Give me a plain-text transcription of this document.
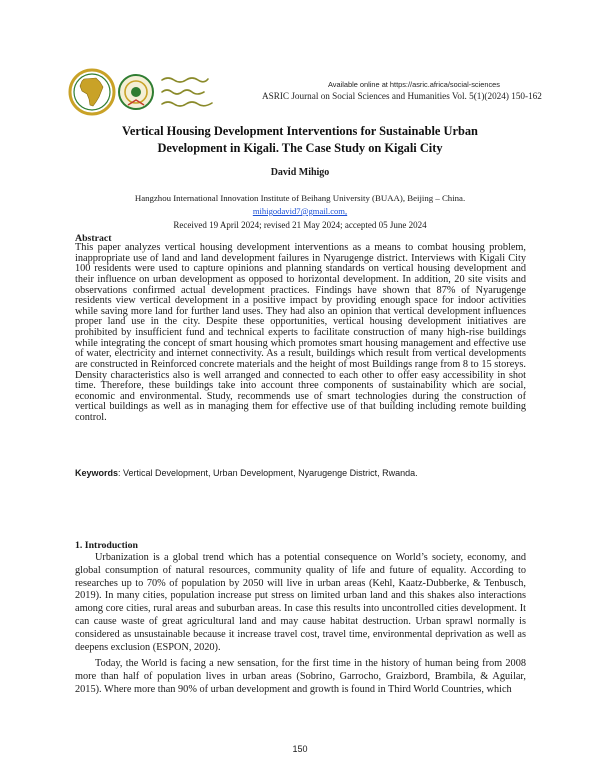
Available online at https://asric.africa/social-sciences
ASRIC Journal on Social Sciences and Humanities Vol. 5(1)(2024) 150-162
Vertical Housing Development Interventions for Sustainable Urban Development in Kigali. The Case Study on Kigali City
David Mihigo
Hangzhou International Innovation Institute of Beihang University (BUAA), Beijing – China.
mihigodavid7@gmail.com,
Received 19 April 2024; revised 21 May 2024; accepted 05 June 2024
Abstract

This paper analyzes vertical housing development interventions as a means to combat housing problem, inappropriate use of land and land development failures in Nyarugenge district. Interviews with Kigali City 100 residents were used to capture opinions and planning standards on vertical housing development and their influence on urban development as opposed to horizontal development. In addition, 20 site visits and observations confirmed actual development practices. Findings have shown that 87% of Nyarugenge residents view vertical development in a positive impact by providing enough space for indoor activities while saving more land for further land uses. They had also an opinion that vertical development influences proper land use in the city. Despite these opportunities, vertical housing development initiatives are prohibited by insufficient fund and technical experts to facilitate construction of many high-rise buildings while integrating the concept of smart housing which promotes smart housing management and effective use of water, electricity and internet connectivity. As a result, buildings which result from vertical developments are constructed in Reinforced concrete materials and the height of most Buildings range from 8 to 15 storeys. Density characteristics also is well arranged and connected to each other to offer easy accessibility in shot time. Therefore, these buildings take into account three components of sustainability which are social, economic and environmental. Study, recommends use of smart technologies during the construction of vertical buildings as well as in managing them for effective use of that building including remote building control.

Keywords: Vertical Development, Urban Development, Nyarugenge District, Rwanda.
1. Introduction

Urbanization is a global trend which has a potential consequence on World’s society, economy, and global consumption of natural resources, community quality of life and future of equality. According to researches up to 70% of population by 2050 will live in urban areas (Kehl, Kaatz-Dubberke, & Tenbusch, 2019). In many cities, population increase put stress on limited urban land and this shakes also interactions among core cities, rural areas and suburban areas. In case this results into uncontrolled cities development. It can cause waste of great agricultural land and may cause habitat destruction. Urban sprawl normally is considered as unsustainable because it increase travel cost, travel time, environmental deprivation as well as deepens exclusion (ESPON, 2020).

Today, the World is facing a new sensation, for the first time in the history of human being from 2008 more than half of population lives in urban areas (Sobrino, Garrocho, Graizbord, Brambila, & Aguilar, 2015). Where more than 90% of urban development and growth is found in Third World Countries, which

150
